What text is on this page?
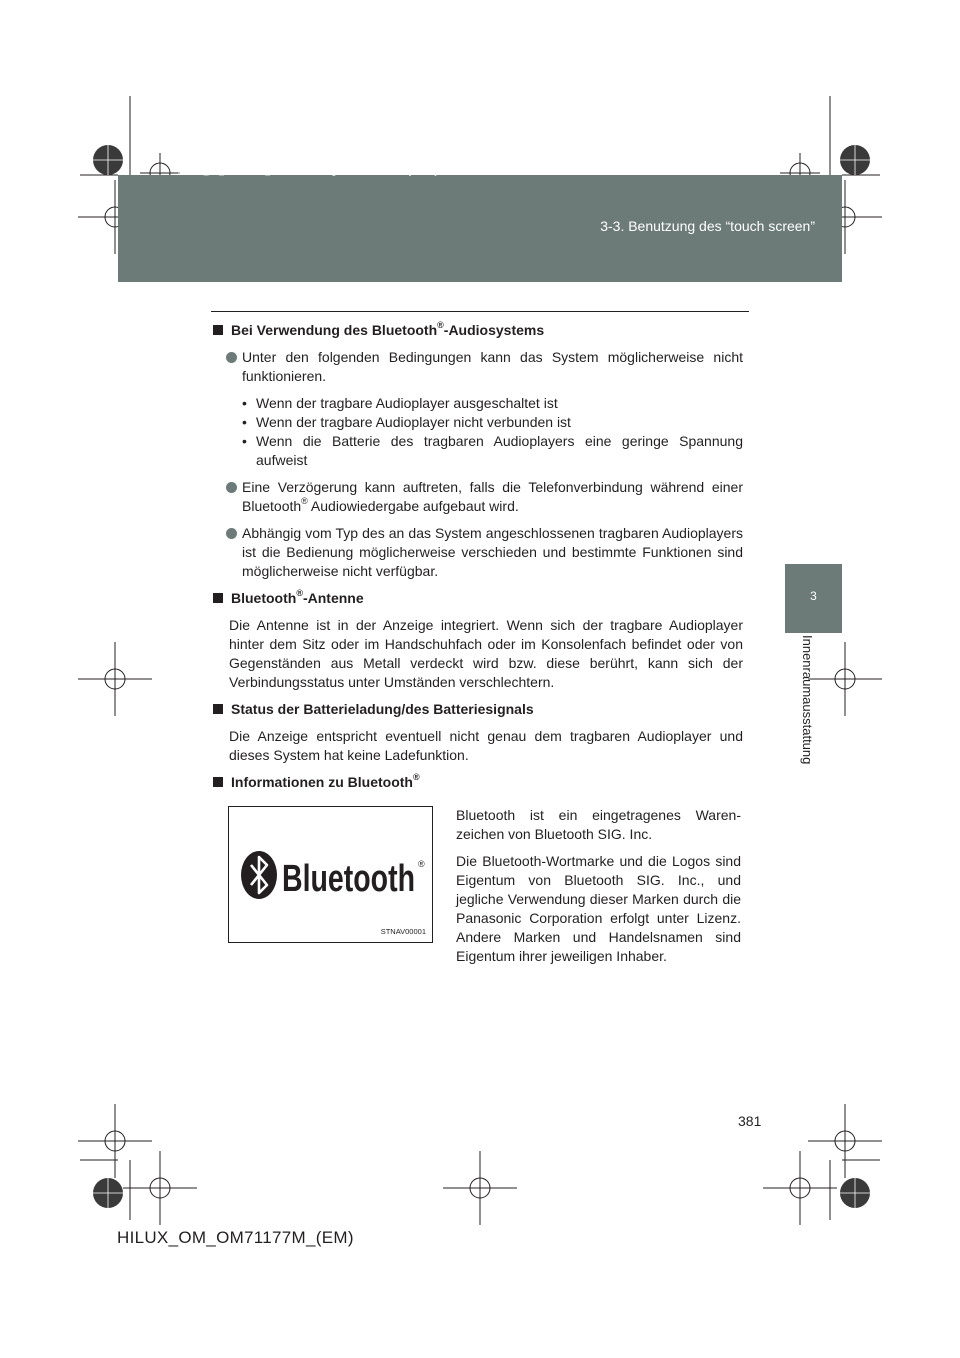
HILUX_OM_OM71177M_(EM).book Page 381 Wednesday, May 16, 2012 1:28 PM
3-3. Benutzung des “touch screen”
3
Innenraumausstattung

Bei Verwendung des Bluetooth®-Audiosystems

Unter den folgenden Bedingungen kann das System möglicherweise nicht funktionieren.

• Wenn der tragbare Audioplayer ausgeschaltet ist

• Wenn der tragbare Audioplayer nicht verbunden ist

• Wenn die Batterie des tragbaren Audioplayers eine geringe Spannung aufweist

Eine Verzögerung kann auftreten, falls die Telefonverbindung während einer Bluetooth® Audiowiedergabe aufgebaut wird.

Abhängig vom Typ des an das System angeschlossenen tragbaren Audioplayers ist die Bedienung möglicherweise verschieden und bestimmte Funktionen sind möglicherweise nicht verfügbar.

Bluetooth®-Antenne

Die Antenne ist in der Anzeige integriert. Wenn sich der tragbare Audioplayer hinter dem Sitz oder im Handschuhfach oder im Konsolenfach befindet oder von Gegenständen aus Metall verdeckt wird bzw. diese berührt, kann sich der Verbindungsstatus unter Umständen verschlechtern.

Status der Batterieladung/des Batteriesignals

Die Anzeige entspricht eventuell nicht genau dem tragbaren Audioplayer und dieses System hat keine Ladefunktion.

Informationen zu Bluetooth®

Bluetooth ®
STNAV00001

Bluetooth ist ein eingetragenes Warenzeichen von Bluetooth SIG. Inc.

Die Bluetooth-Wortmarke und die Logos sind Eigentum von Bluetooth SIG. Inc., und jegliche Verwendung dieser Marken durch die Panasonic Corporation erfolgt unter Lizenz. Andere Marken und Handelsnamen sind Eigentum ihrer jeweiligen Inhaber.

381
HILUX_OM_OM71177M_(EM)
